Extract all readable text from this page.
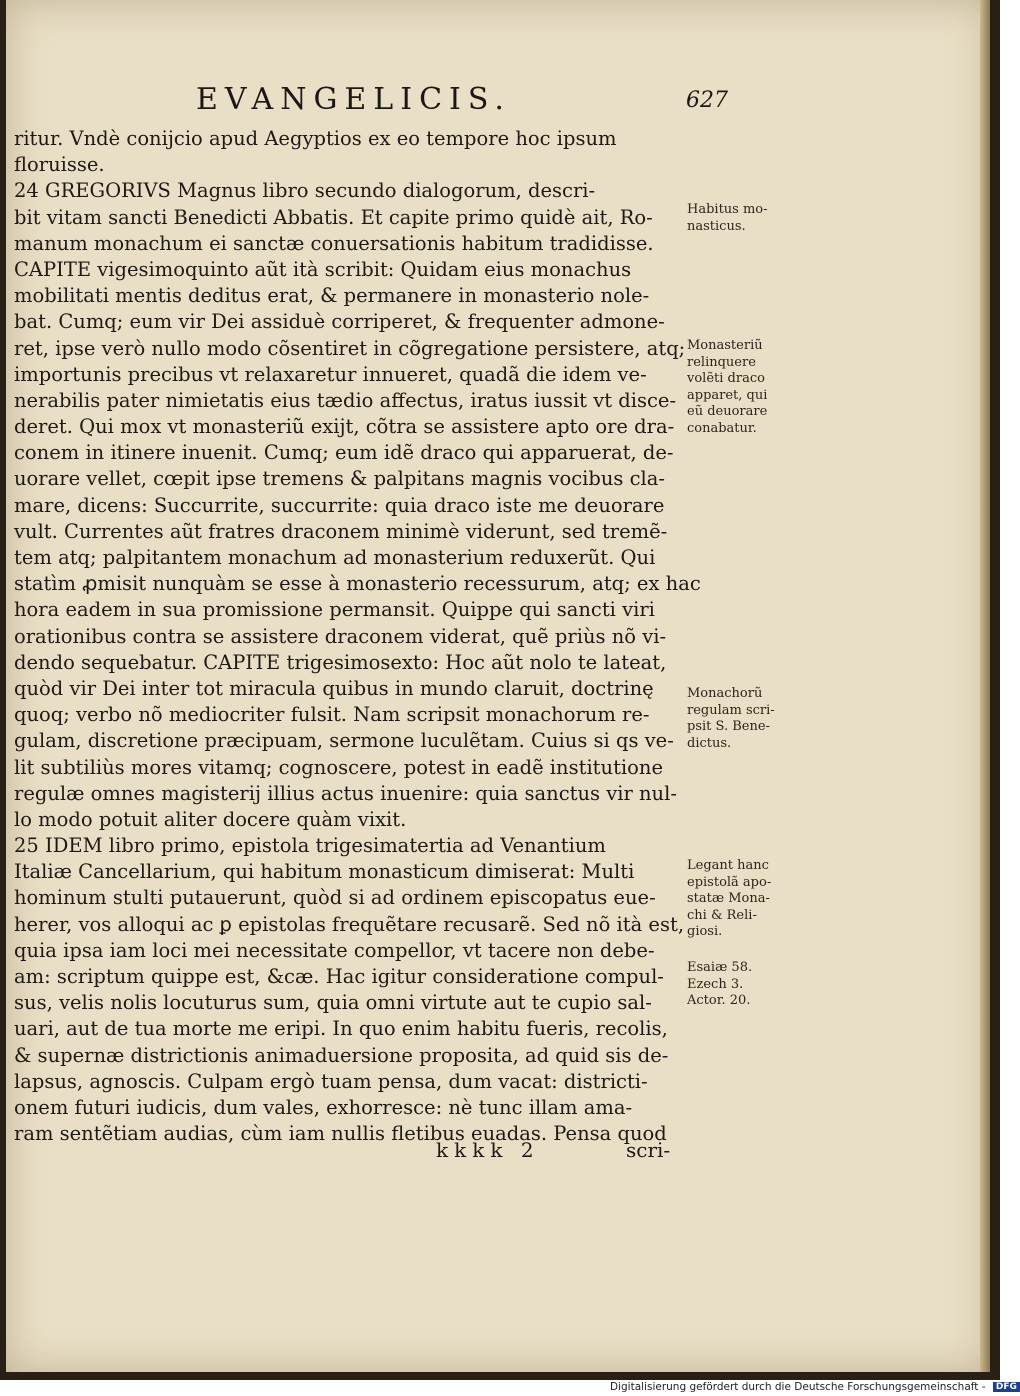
EVANGELICIS.	627
ritur. Vndè conijcio apud Aegyptios ex eo tempore hoc ipsum
floruisse.
24 GREGORIVS Magnus libro secundo dialogorum, descri-
bit vitam sancti Benedicti Abbatis. Et capite primo quidè ait, Ro-
manum monachum ei sanctæ conuersationis habitum tradidisse.
CAPITE vigesimoquinto aũt ità scribit: Quidam eius monachus
mobilitati mentis deditus erat, & permanere in monasterio nole-
bat. Cumq; eum vir Dei assiduè corriperet, & frequenter admone-
ret, ipse verò nullo modo cõsentiret in cõgregatione persistere, atq;
importunis precibus vt relaxaretur innueret, quadã die idem ve-
nerabilis pater nimietatis eius tædio affectus, iratus iussit vt disce-
deret. Qui mox vt monasteriũ exijt, cõtra se assistere apto ore dra-
conem in itinere inuenit. Cumq; eum idẽ draco qui apparuerat, de-
uorare vellet, cœpit ipse tremens & palpitans magnis vocibus cla-
mare, dicens: Succurrite, succurrite: quia draco iste me deuorare
vult. Currentes aũt fratres draconem minimè viderunt, sed tremẽ-
tem atq; palpitantem monachum ad monasterium reduxerũt. Qui
statìm ꝓmisit nunquàm se esse à monasterio recessurum, atq; ex hac
hora eadem in sua promissione permansit. Quippe qui sancti viri
orationibus contra se assistere draconem viderat, quẽ priùs nõ vi-
dendo sequebatur. CAPITE trigesimosexto: Hoc aũt nolo te lateat,
quòd vir Dei inter tot miracula quibus in mundo claruit, doctrinę
quoq; verbo nõ mediocriter fulsit. Nam scripsit monachorum re-
gulam, discretione præcipuam, sermone luculẽtam. Cuius si qs ve-
lit subtiliùs mores vitamq; cognoscere, potest in eadẽ institutione
regulæ omnes magisterij illius actus inuenire: quia sanctus vir nul-
lo modo potuit aliter docere quàm vixit.
25 IDEM libro primo, epistola trigesimatertia ad Venantium
Italiæ Cancellarium, qui habitum monasticum dimiserat: Multi
hominum stulti putauerunt, quòd si ad ordinem episcopatus eue-
herer, vos alloqui ac ꝑ epistolas frequẽtare recusarẽ. Sed nõ ità est,
quia ipsa iam loci mei necessitate compellor, vt tacere non debe-
am: scriptum quippe est, &cæ. Hac igitur consideratione compul-
sus, velis nolis locuturus sum, quia omni virtute aut te cupio sal-
uari, aut de tua morte me eripi. In quo enim habitu fueris, recolis,
& supernæ districtionis animaduersione proposita, ad quid sis de-
lapsus, agnoscis. Culpam ergò tuam pensa, dum vacat: districti-
onem futuri iudicis, dum vales, exhorresce: nè tunc illam ama-
ram sentẽtiam audias, cùm iam nullis fletibus euadas. Pensa quod
Habitus mo-
nasticus.
Monasteriũ
relinquere
volẽti draco
apparet, qui
eũ deuorare
conabatur.
Monachorũ
regulam scri-
psit S. Bene-
dictus.
Legant hanc
epistolã apo-
statæ Mona-
chi & Reli-
giosi.
Esaiæ 58.
Ezech 3.
Actor. 20.
kkkk 2	scri-
Digitalisierung gefördert durch die Deutsche Forschungsgemeinschaft - DFG
